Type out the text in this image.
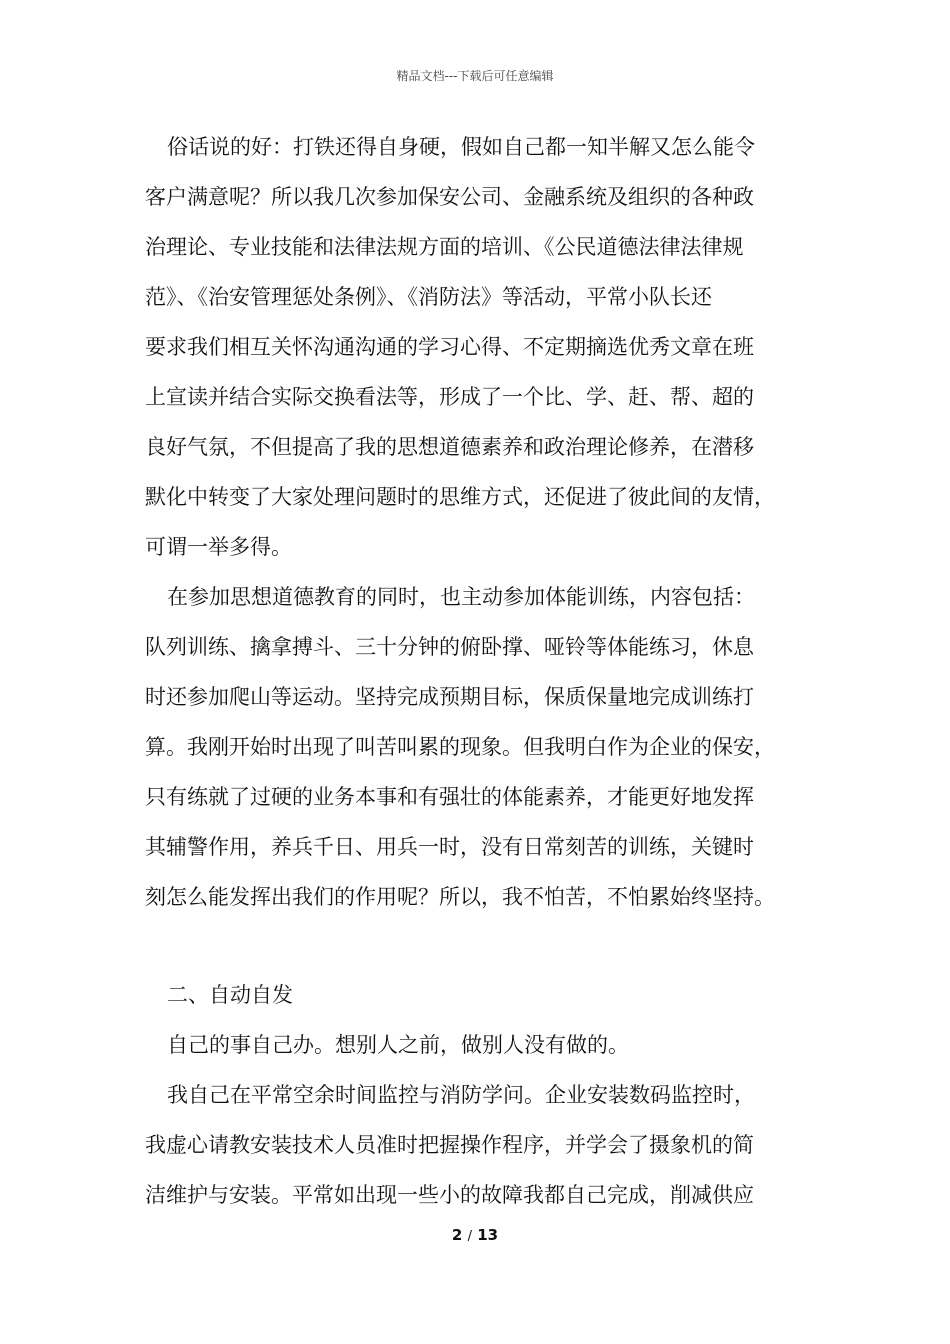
精品文档---下载后可任意编辑
俗话说的好：打铁还得自身硬，假如自己都一知半解又怎么能令
客户满意呢？所以我几次参加保安公司、金融系统及组织的各种政
治理论、专业技能和法律法规方面的培训、《公民道德法律法律规
范》、《治安管理惩处条例》、《消防法》等活动，平常小队长还
要求我们相互关怀沟通沟通的学习心得、不定期摘选优秀文章在班
上宣读并结合实际交换看法等，形成了一个比、学、赶、帮、超的
良好气氛，不但提高了我的思想道德素养和政治理论修养，在潜移
默化中转变了大家处理问题时的思维方式，还促进了彼此间的友情，
可谓一举多得。
在参加思想道德教育的同时，也主动参加体能训练，内容包括：
队列训练、擒拿搏斗、三十分钟的俯卧撑、哑铃等体能练习，休息
时还参加爬山等运动。坚持完成预期目标，保质保量地完成训练打
算。我刚开始时出现了叫苦叫累的现象。但我明白作为企业的保安，
只有练就了过硬的业务本事和有强壮的体能素养，才能更好地发挥
其辅警作用，养兵千日、用兵一时，没有日常刻苦的训练，关键时
刻怎么能发挥出我们的作用呢？所以，我不怕苦，不怕累始终坚持。
二、自动自发
自己的事自己办。想别人之前，做别人没有做的。
我自己在平常空余时间监控与消防学问。企业安装数码监控时，
我虚心请教安装技术人员准时把握操作程序，并学会了摄象机的简
洁维护与安装。平常如出现一些小的故障我都自己完成，削减供应
2 / 13
